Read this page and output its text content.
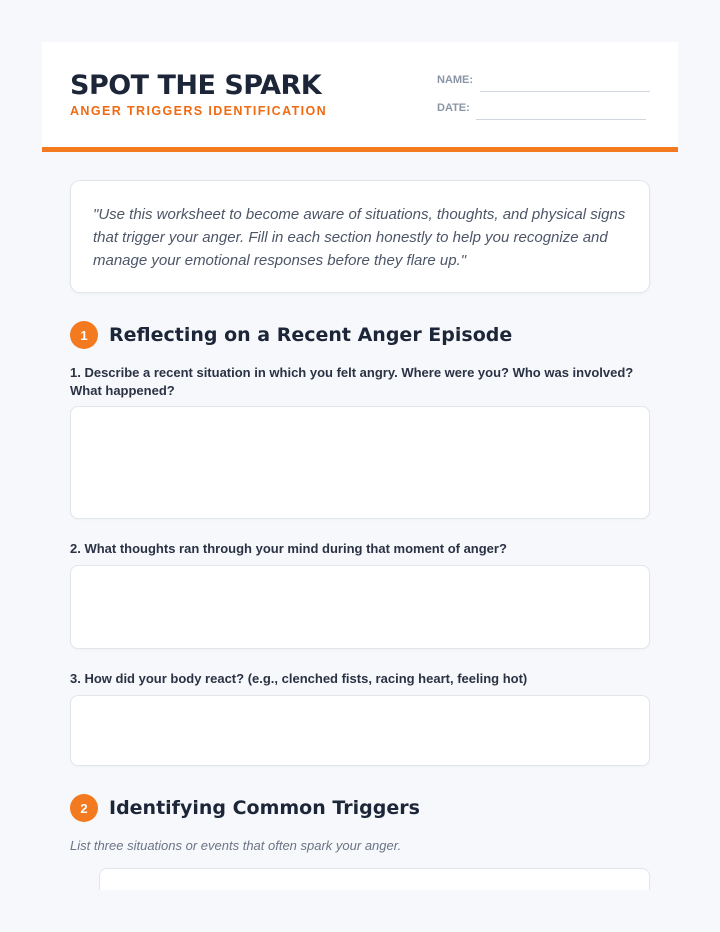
SPOT THE SPARK
ANGER TRIGGERS IDENTIFICATION
NAME:
DATE:
"Use this worksheet to become aware of situations, thoughts, and physical signs that trigger your anger. Fill in each section honestly to help you recognize and manage your emotional responses before they flare up."
1	Reflecting on a Recent Anger Episode
1. Describe a recent situation in which you felt angry. Where were you? Who was involved? What happened?
2. What thoughts ran through your mind during that moment of anger?
3. How did your body react? (e.g., clenched fists, racing heart, feeling hot)
2	Identifying Common Triggers
List three situations or events that often spark your anger.
